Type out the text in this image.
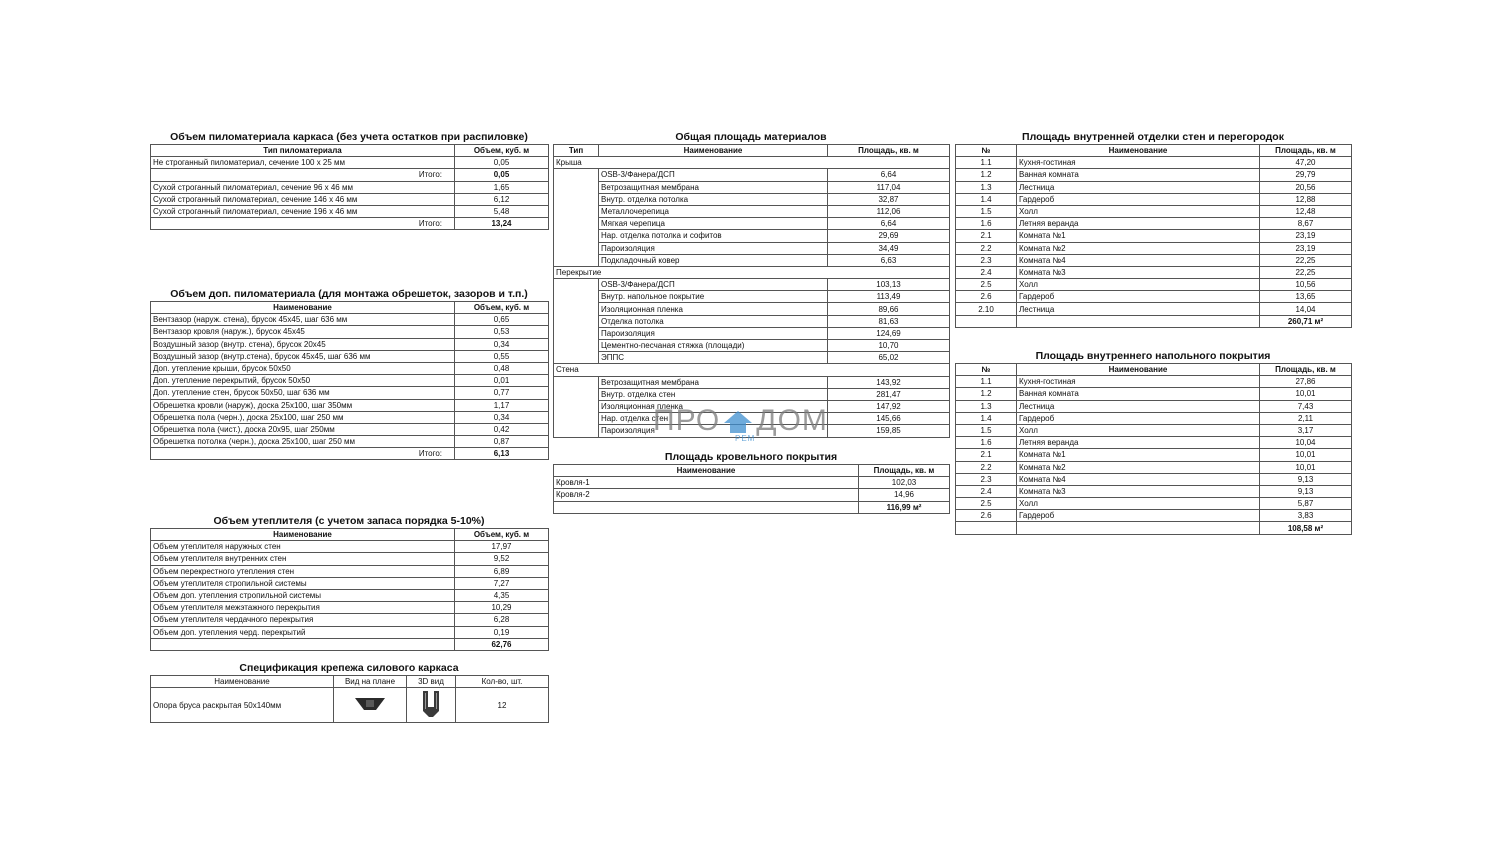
Объем пиломатериала каркаса (без учета остатков при распиловке)
Тип пиломатериала	Объем, куб. м
Не строганный пиломатериал, сечение 100 х 25 мм	0,05
Итого:	0,05
Сухой строганный пиломатериал, сечение 96 х 46 мм	1,65
Сухой строганный пиломатериал, сечение 146 х 46 мм	6,12
Сухой строганный пиломатериал, сечение 196 х 46 мм	5,48
Итого:	13,24
Объем доп. пиломатериала (для монтажа обрешеток, зазоров и т.п.)
Наименование	Объем, куб. м
Вентзазор (наруж. стена), брусок 45х45, шаг 636 мм	0,65
Вентзазор кровля (наруж.), брусок 45х45	0,53
Воздушный зазор (внутр. стена), брусок 20х45	0,34
Воздушный зазор (внутр.стена), брусок 45х45, шаг 636 мм	0,55
Доп. утепление крыши, брусок 50х50	0,48
Доп. утепление перекрытий, брусок 50х50	0,01
Доп. утепление стен, брусок 50х50, шаг 636 мм	0,77
Обрешетка кровли (наруж), доска 25х100, шаг 350мм	1,17
Обрешетка пола (черн.), доска 25х100, шаг 250 мм	0,34
Обрешетка пола (чист.), доска 20х95, шаг 250мм	0,42
Обрешетка потолка (черн.), доска 25х100, шаг 250 мм	0,87
Итого:	6,13
Объем утеплителя (с учетом запаса порядка 5-10%)
Наименование	Объем, куб. м
Объем утеплителя наружных стен	17,97
Объем утеплителя внутренних стен	9,52
Объем перекрестного утепления стен	6,89
Объем утеплителя стропильной системы	7,27
Объем доп. утепления стропильной системы	4,35
Объем утеплителя межэтажного перекрытия	10,29
Объем утеплителя чердачного перекрытия	6,28
Объем доп. утепления черд. перекрытий	0,19
	62,76
Спецификация крепежа силового каркаса
Наименование	Вид на плане	3D вид	Кол-во, шт.
Опора бруса раскрытая 50х140мм			12
Общая площадь материалов
Тип	Наименование	Площадь, кв. м
Крыша		
	OSB-3/Фанера/ДСП	6,64
	Ветрозащитная мембрана	117,04
	Внутр. отделка потолка	32,87
	Металлочерепица	112,06
	Мягкая черепица	6,64
	Нар. отделка потолка и софитов	29,69
	Пароизоляция	34,49
	Подкладочный ковер	6,63
Перекрытие		
	OSB-3/Фанера/ДСП	103,13
	Внутр. напольное покрытие	113,49
	Изоляционная пленка	89,66
	Отделка потолка	81,63
	Пароизоляция	124,69
	Цементно-песчаная стяжка (площади)	10,70
	ЭППС	65,02
Стена		
	Ветрозащитная мембрана	143,92
	Внутр. отделка стен	281,47
	Изоляционная пленка	147,92
	Нар. отделка стен	145,66
	Пароизоляция	159,85
Площадь кровельного покрытия
Наименование	Площадь, кв. м
Кровля-1	102,03
Кровля-2	14,96
	116,99 м²
Площадь внутренней отделки стен и перегородок
№	Наименование	Площадь, кв. м
1.1	Кухня-гостиная	47,20
1.2	Ванная комната	29,79
1.3	Лестница	20,56
1.4	Гардероб	12,88
1.5	Холл	12,48
1.6	Летняя веранда	8,67
2.1	Комната №1	23,19
2.2	Комната №2	23,19
2.3	Комната №4	22,25
2.4	Комната №3	22,25
2.5	Холл	10,56
2.6	Гардероб	13,65
2.10	Лестница	14,04
		260,71 м²
Площадь внутреннего напольного покрытия
№	Наименование	Площадь, кв. м
1.1	Кухня-гостиная	27,86
1.2	Ванная комната	10,01
1.3	Лестница	7,43
1.4	Гардероб	2,11
1.5	Холл	3,17
1.6	Летняя веранда	10,04
2.1	Комната №1	10,01
2.2	Комната №2	10,01
2.3	Комната №4	9,13
2.4	Комната №3	9,13
2.5	Холл	5,87
2.6	Гардероб	3,83
		108,58 м²
ПРО ДОМ
РЕМ
